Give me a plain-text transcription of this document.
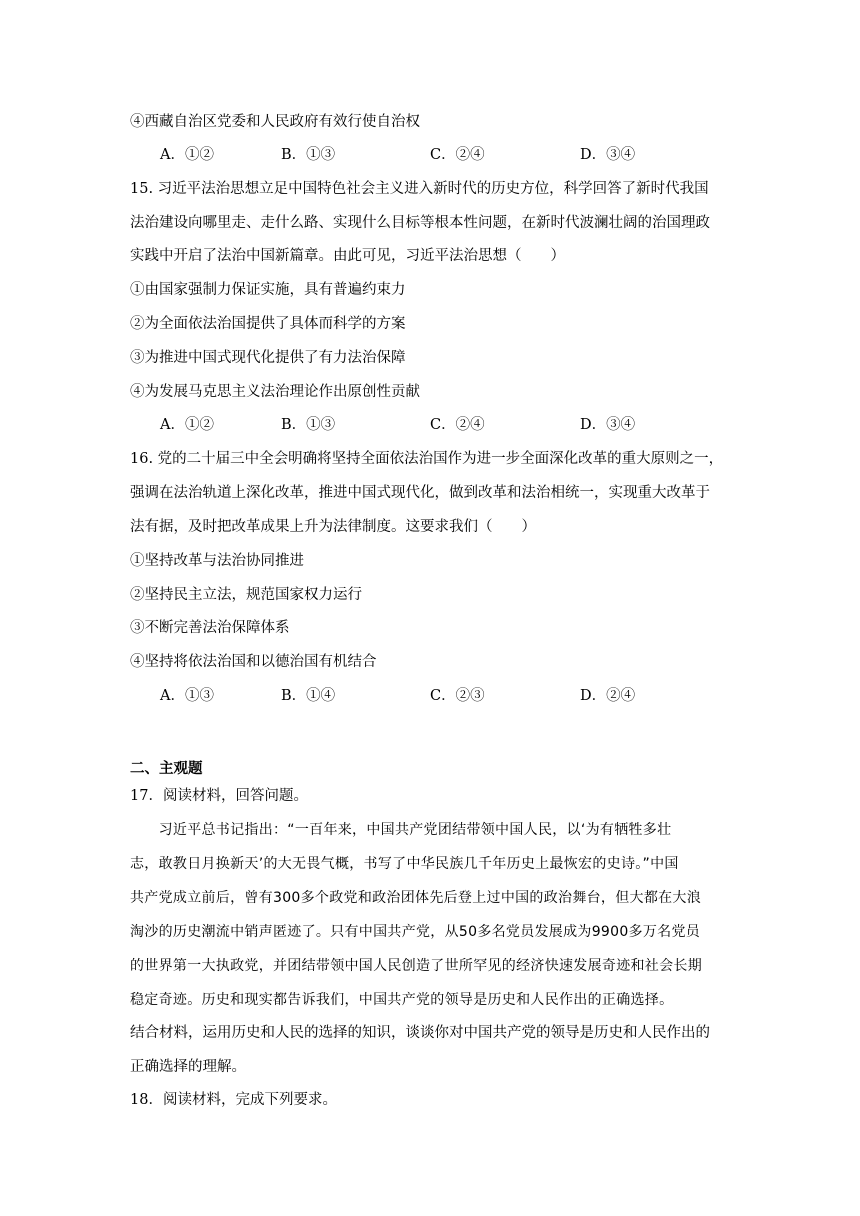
④西藏自治区党委和人民政府有效行使自治权
A．①②	B．①③	C．②④	D．③④
15. 习近平法治思想立足中国特色社会主义进入新时代的历史方位，科学回答了新时代我国
法治建设向哪里走、走什么路、实现什么目标等根本性问题，在新时代波澜壮阔的治国理政
实践中开启了法治中国新篇章。由此可见，习近平法治思想（　　）
①由国家强制力保证实施，具有普遍约束力
②为全面依法治国提供了具体而科学的方案
③为推进中国式现代化提供了有力法治保障
④为发展马克思主义法治理论作出原创性贡献
A．①②	B．①③	C．②④	D．③④
16. 党的二十届三中全会明确将坚持全面依法治国作为进一步全面深化改革的重大原则之一，
强调在法治轨道上深化改革，推进中国式现代化，做到改革和法治相统一，实现重大改革于
法有据，及时把改革成果上升为法律制度。这要求我们（　　）
①坚持改革与法治协同推进
②坚持民主立法，规范国家权力运行
③不断完善法治保障体系
④坚持将依法治国和以德治国有机结合
A．①③	B．①④	C．②③	D．②④
二、主观题
17．阅读材料，回答问题。
　　习近平总书记指出：“一百年来，中国共产党团结带领中国人民，以‘为有牺牲多壮
志，敢教日月换新天’的大无畏气概，书写了中华民族几千年历史上最恢宏的史诗。”中国
共产党成立前后，曾有300多个政党和政治团体先后登上过中国的政治舞台，但大都在大浪
淘沙的历史潮流中销声匿迹了。只有中国共产党，从50多名党员发展成为9900多万名党员
的世界第一大执政党，并团结带领中国人民创造了世所罕见的经济快速发展奇迹和社会长期
稳定奇迹。历史和现实都告诉我们，中国共产党的领导是历史和人民作出的正确选择。
结合材料，运用历史和人民的选择的知识，谈谈你对中国共产党的领导是历史和人民作出的
正确选择的理解。
18．阅读材料，完成下列要求。
